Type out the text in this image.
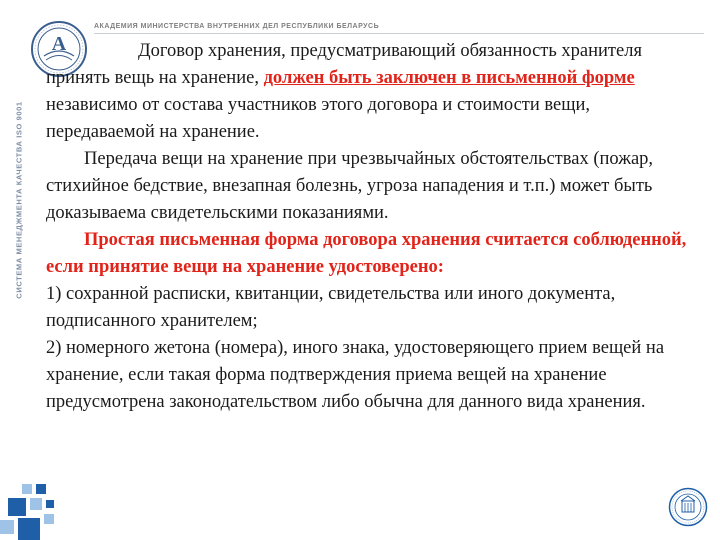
А
АКАДЕМИЯ МИНИСТЕРСТВА ВНУТРЕННИХ ДЕЛ РЕСПУБЛИКИ БЕЛАРУСЬ
СИСТЕМА МЕНЕДЖМЕНТА КАЧЕСТВА ISO 9001

Договор хранения, предусматривающий обязанность хранителя принять вещь на хранение, должен быть заключен в письменной форме независимо от состава участников этого договора и стоимости вещи, передаваемой на хранение.

Передача вещи на хранение при чрезвычайных обстоятельствах (пожар, стихийное бедствие, внезапная болезнь, угроза нападения и т.п.) может быть доказываема свидетельскими показаниями.

Простая письменная форма договора хранения считается соблюденной, если принятие вещи на хранение удостоверено:

1) сохранной расписки, квитанции, свидетельства или иного документа, подписанного хранителем;

2) номерного жетона (номера), иного знака, удостоверяющего прием вещей на хранение, если такая форма подтверждения приема вещей на хранение предусмотрена законодательством либо обычна для данного вида хранения.
